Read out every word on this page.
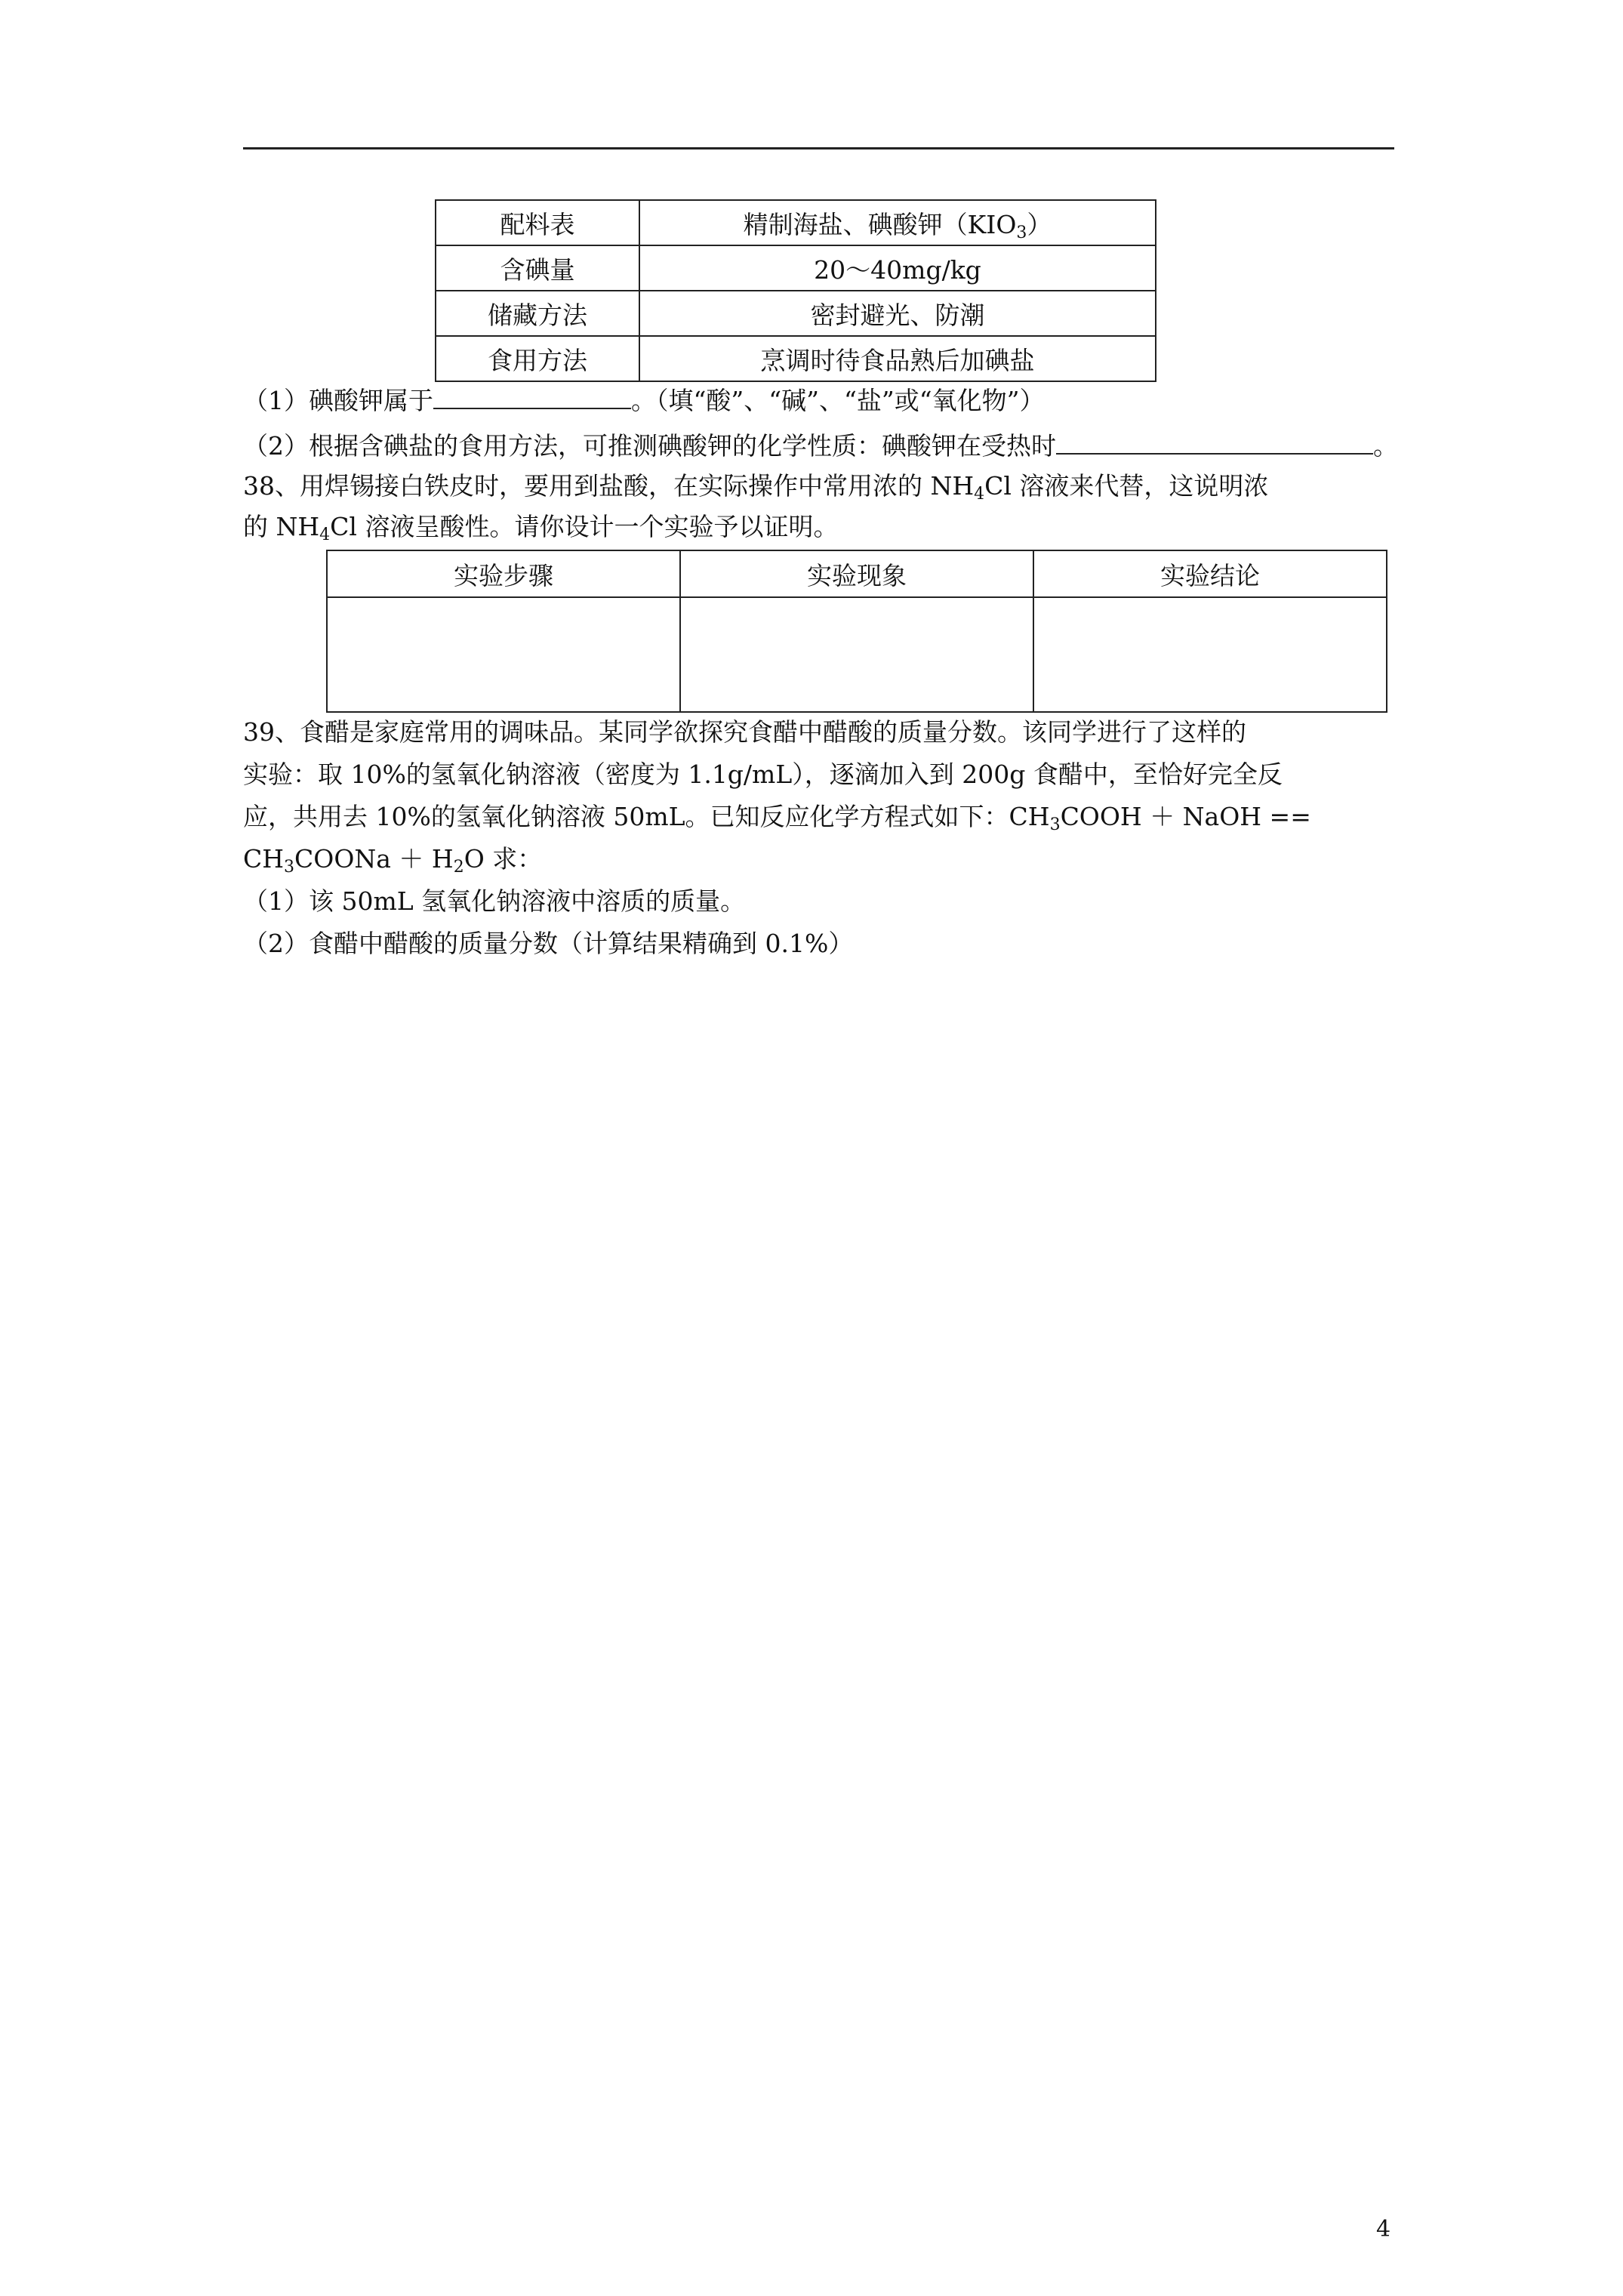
配料表	精制海盐、碘酸钾$(KIO_3)$
含碘量	20～40mg/kg
储藏方法	密封避光、防潮
食用方法	烹调时待食品熟后加碘盐
（1）碘酸钾属于	。（填“酸”、“碱”、“盐”或“氧化物”）
（2）根据含碘盐的食用方法，可推测碘酸钾的化学性质：碘酸钾在受热时	。
38、用焊锡接白铁皮时，要用到盐酸，在实际操作中常用浓的 $NH_4Cl$ 溶液来代替，这说明浓
的 $NH_4Cl$ 溶液呈酸性。请你设计一个实验予以证明。
实验步骤	实验现象	实验结论

39、食醋是家庭常用的调味品。某同学欲探究食醋中醋酸的质量分数。该同学进行了这样的
实验：取 10%的氢氧化钠溶液（密度为 1.1g/mL），逐滴加入到 200g 食醋中，至恰好完全反
应，共用去 10%的氢氧化钠溶液 50mL。已知反应化学方程式如下：$CH_3COOH$ ＋ NaOH ==
$CH_3COONa + H_2O$ 求：
（1）该 50mL 氢氧化钠溶液中溶质的质量。
（2）食醋中醋酸的质量分数（计算结果精确到 0.1%）
4
